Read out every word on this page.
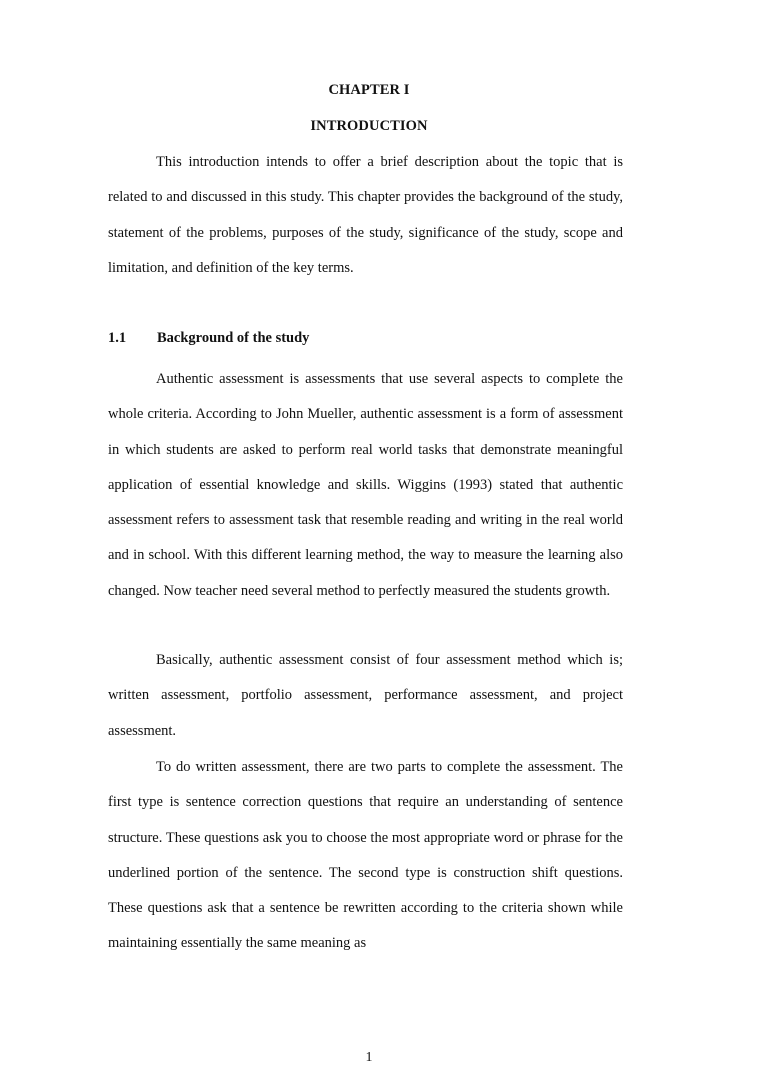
CHAPTER I
INTRODUCTION

This introduction intends to offer a brief description about the topic that is related to and discussed in this study. This chapter provides the background of the study, statement of the problems, purposes of the study, significance of the study, scope and limitation, and definition of the key terms.

1.1	Background of the study

Authentic assessment is assessments that use several aspects to complete the whole criteria. According to John Mueller, authentic assessment is a form of assessment in which students are asked to perform real world tasks that demonstrate meaningful application of essential knowledge and skills. Wiggins (1993) stated that authentic assessment refers to assessment task that resemble reading and writing in the real world and in school. With this different learning method, the way to measure the learning also changed. Now teacher need several method to perfectly measured the students growth.

Basically, authentic assessment consist of four assessment method which is; written assessment, portfolio assessment, performance assessment, and project assessment.

To do written assessment, there are two parts to complete the assessment. The first type is sentence correction questions that require an understanding of sentence structure. These questions ask you to choose the most appropriate word or phrase for the underlined portion of the sentence. The second type is construction shift questions. These questions ask that a sentence be rewritten according to the criteria shown while maintaining essentially the same meaning as

1
